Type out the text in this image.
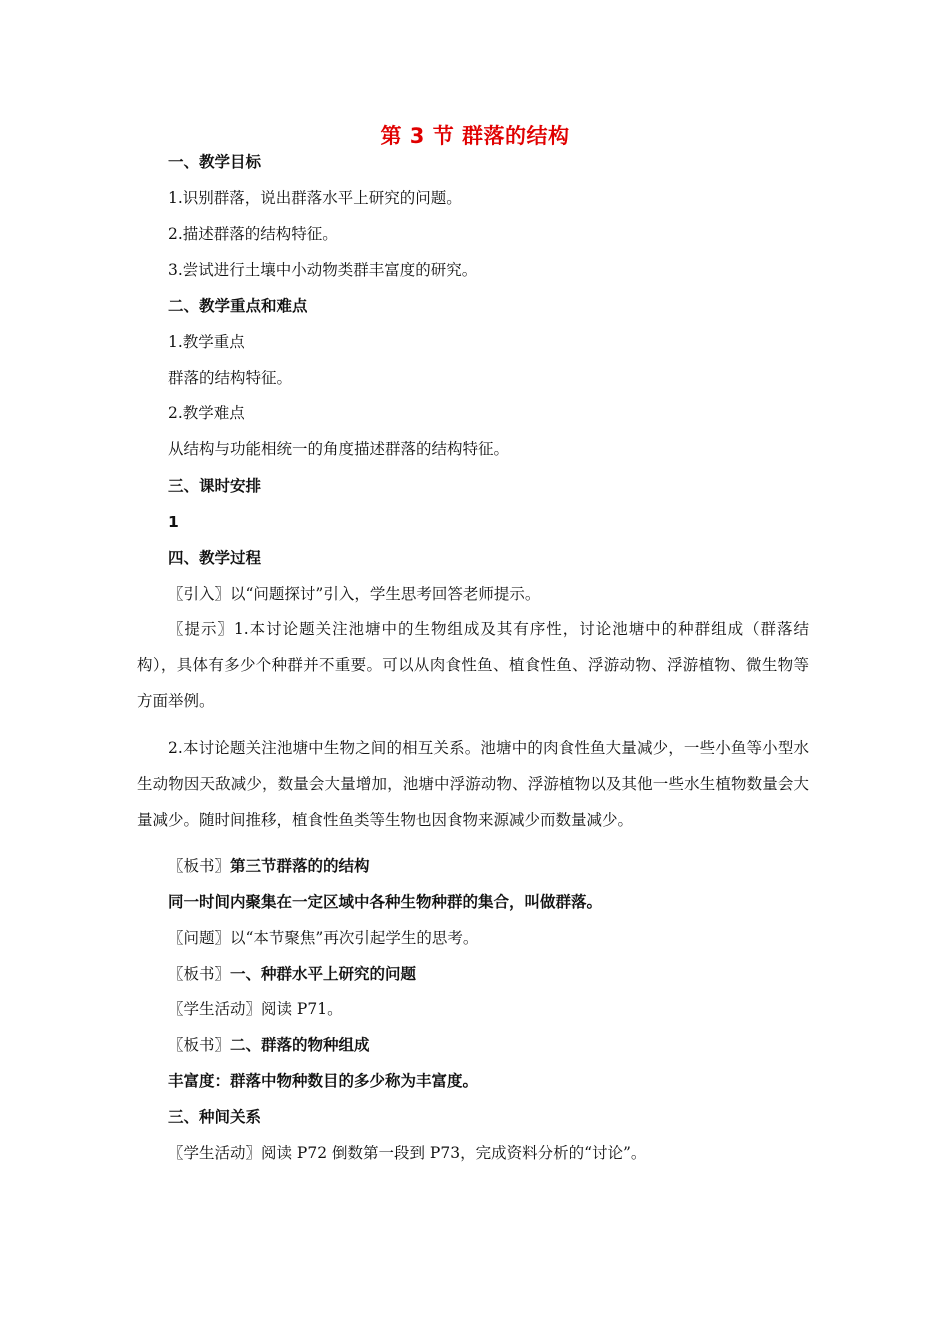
第 3 节 群落的结构
一、教学目标
1.识别群落，说出群落水平上研究的问题。
2.描述群落的结构特征。
3.尝试进行土壤中小动物类群丰富度的研究。
二、教学重点和难点
1.教学重点
群落的结构特征。
2.教学难点
从结构与功能相统一的角度描述群落的结构特征。
三、课时安排
1
四、教学过程
〖引入〗以“问题探讨”引入，学生思考回答老师提示。
〖提示〗1.本讨论题关注池塘中的生物组成及其有序性，讨论池塘中的种群组成（群落结构），具体有多少个种群并不重要。可以从肉食性鱼、植食性鱼、浮游动物、浮游植物、微生物等方面举例。
2.本讨论题关注池塘中生物之间的相互关系。池塘中的肉食性鱼大量减少，一些小鱼等小型水生动物因天敌减少，数量会大量增加，池塘中浮游动物、浮游植物以及其他一些水生植物数量会大量减少。随时间推移，植食性鱼类等生物也因食物来源减少而数量减少。
〖板书〗第三节群落的的结构
同一时间内聚集在一定区域中各种生物种群的集合，叫做群落。
〖问题〗以“本节聚焦”再次引起学生的思考。
〖板书〗一、种群水平上研究的问题
〖学生活动〗阅读 P71。
〖板书〗二、群落的物种组成
丰富度：群落中物种数目的多少称为丰富度。
三、种间关系
〖学生活动〗阅读 P72 倒数第一段到 P73，完成资料分析的“讨论”。
